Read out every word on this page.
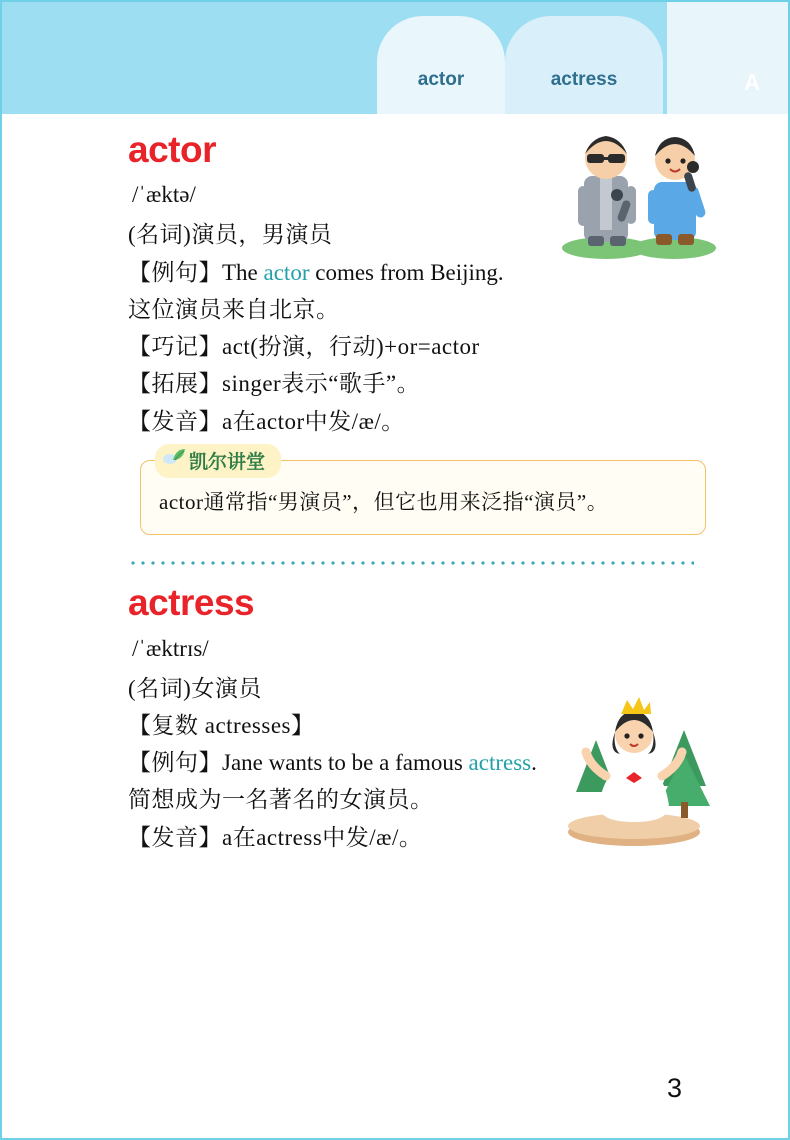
actor	actress	A
actor
/ˈæktə/
(名词)演员，男演员
【例句】The actor comes from Beijing.
这位演员来自北京。
【巧记】act(扮演，行动)+or=actor
【拓展】singer表示“歌手”。
【发音】a在actor中发/æ/。
凯尔讲堂
actor通常指“男演员”，但它也用来泛指“演员”。
actress
/ˈæktrɪs/
(名词)女演员
【复数 actresses】
【例句】Jane wants to be a famous actress.
简想成为一名著名的女演员。
【发音】a在actress中发/æ/。
3
